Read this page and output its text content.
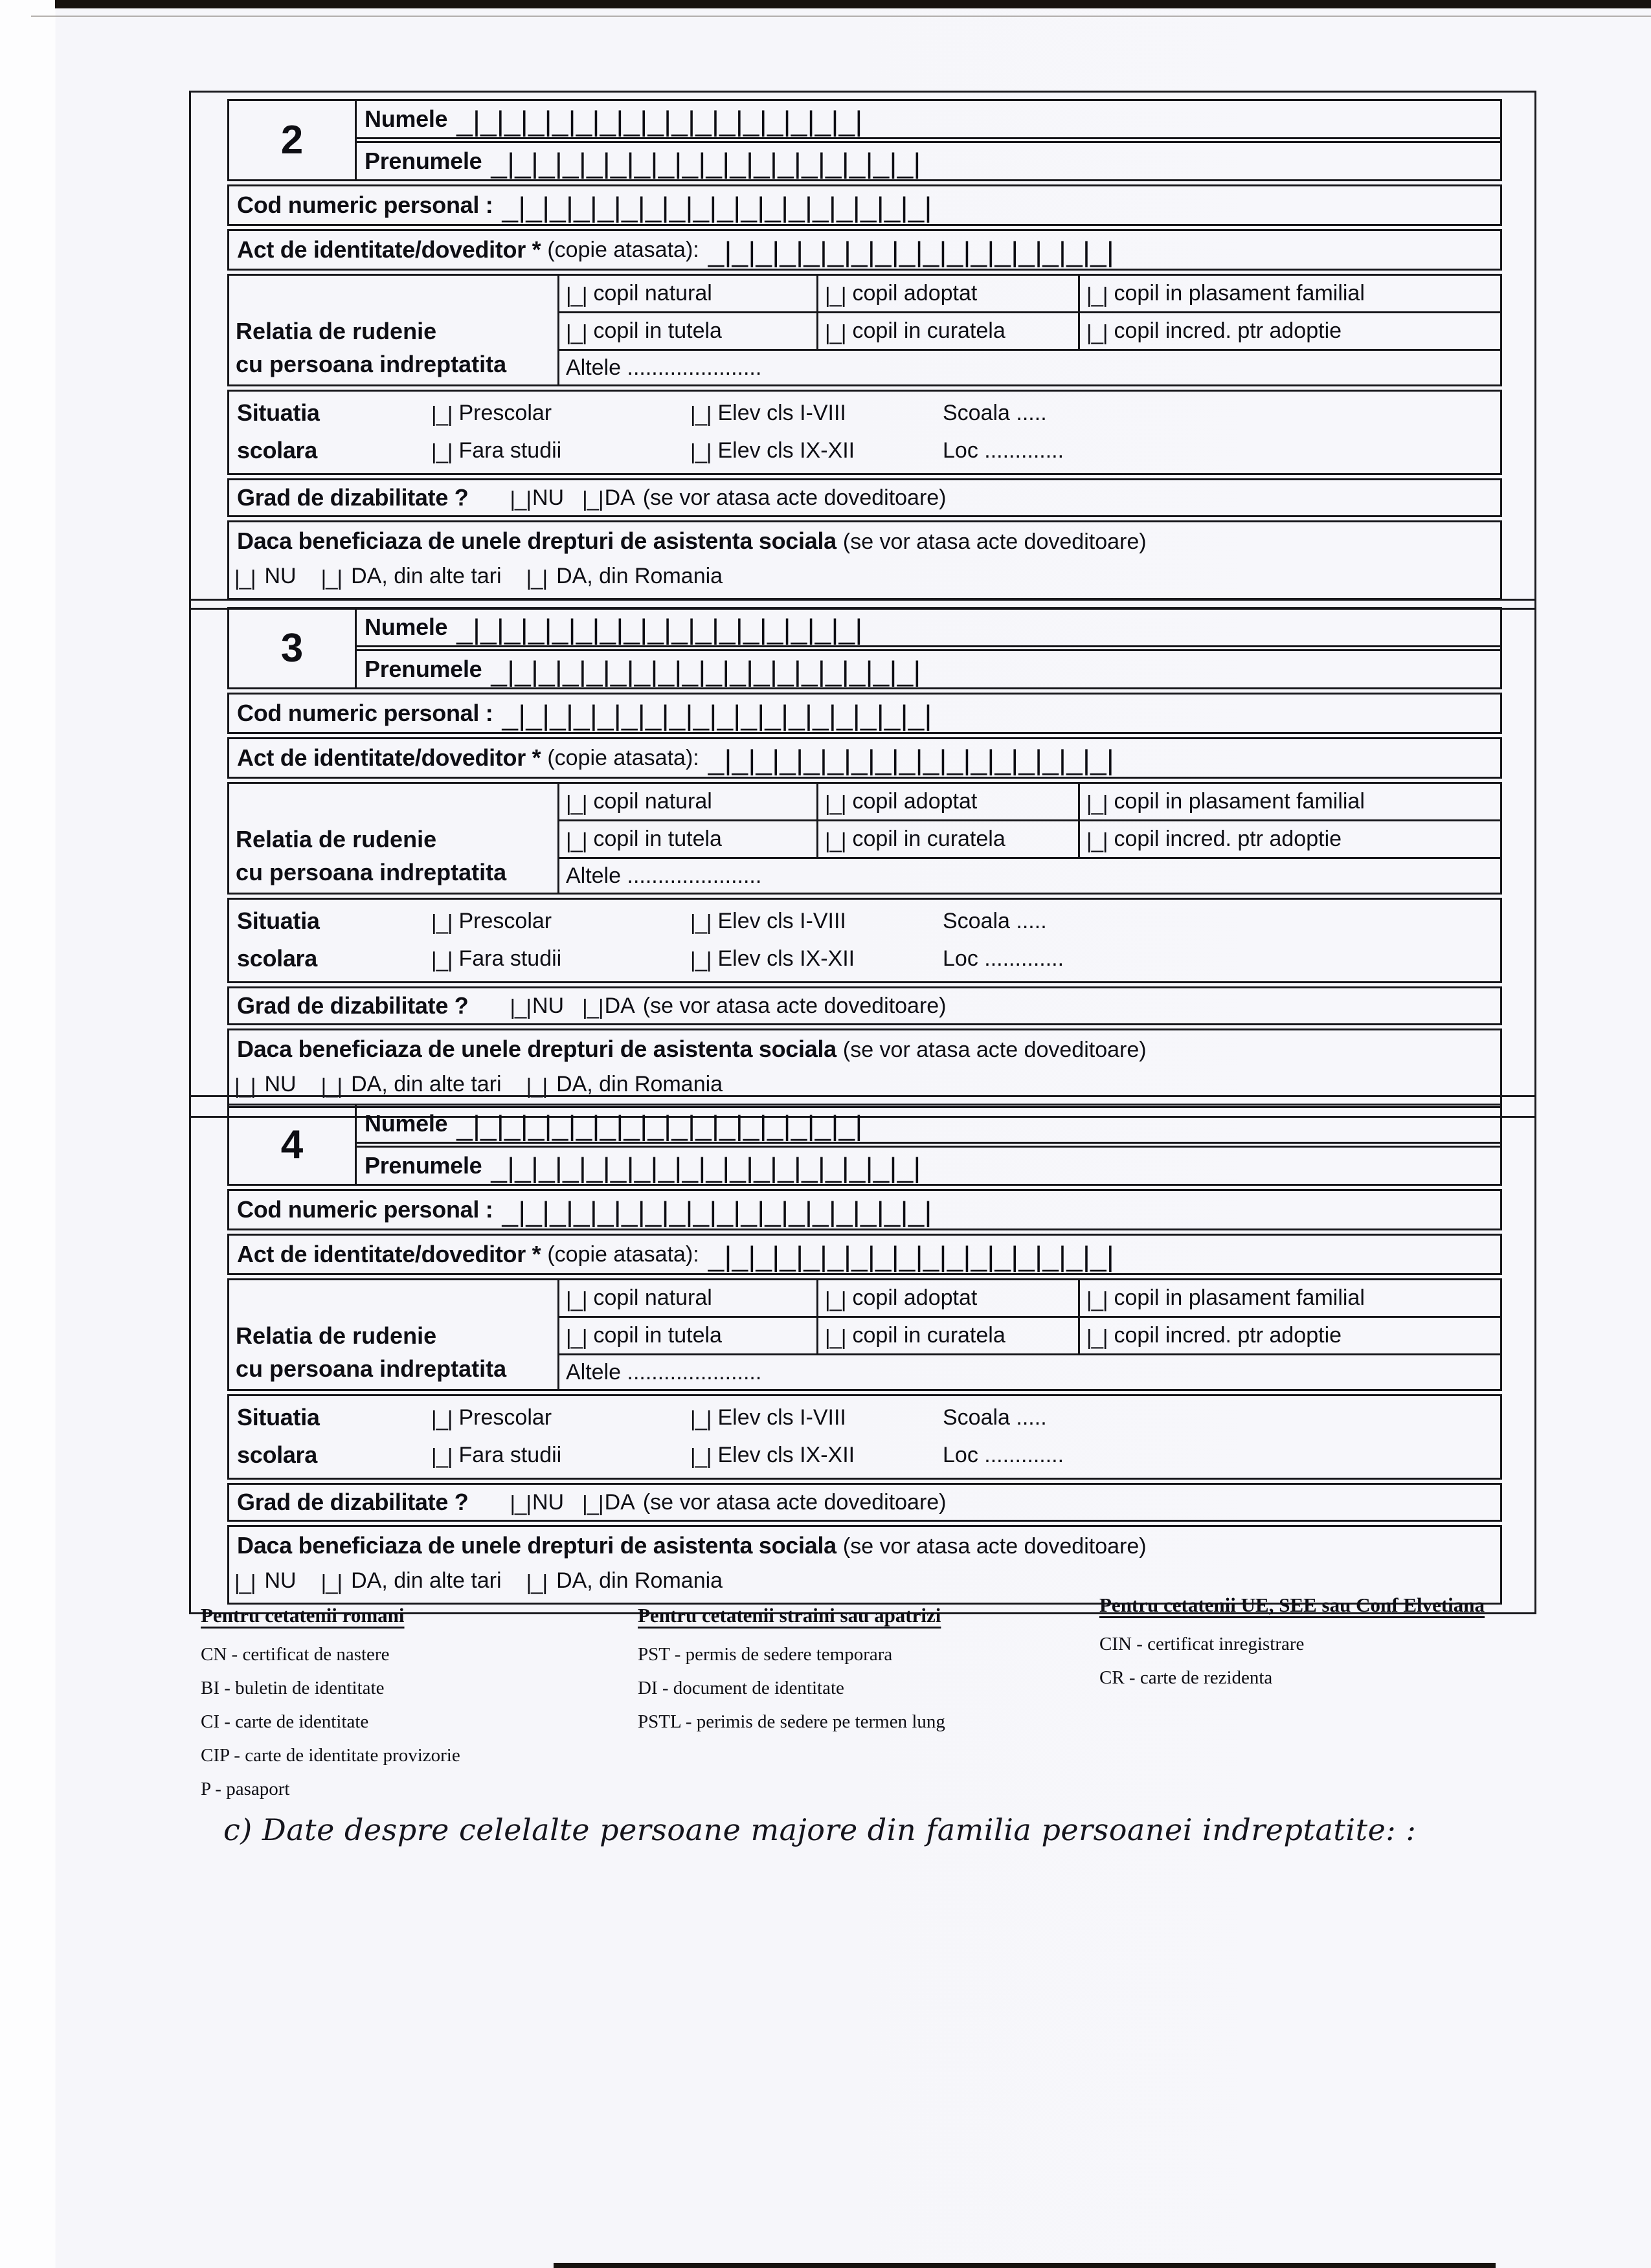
2	Numele _|_|_|_|_|_|_|_|_|_|_|_|_|_|_|_|_|
Prenumele _|_|_|_|_|_|_|_|_|_|_|_|_|_|_|_|_|_|
Cod numeric personal : _|_|_|_|_|_|_|_|_|_|_|_|_|_|_|_|_|_|
Act de identitate/doveditor * (copie atasata): _|_|_|_|_|_|_|_|_|_|_|_|_|_|_|_|_|
Relatia de rudenie
cu persoana indreptatita
|_| copil natural	|_| copil adoptat	|_| copil in plasament familial
|_| copil in tutela	|_| copil in curatela	|_| copil incred. ptr adoptie
Altele ......................
Situatia	|_| Prescolar	|_| Elev cls I-VIII	Scoala .....
scolara	|_| Fara studii	|_| Elev cls IX-XII	Loc .............
Grad de dizabilitate ? |_| NU |_| DA (se vor atasa acte doveditoare)
Daca beneficiaza de unele drepturi de asistenta sociala (se vor atasa acte doveditoare)
|_| NU |_| DA, din alte tari |_| DA, din Romania
3	Numele _|_|_|_|_|_|_|_|_|_|_|_|_|_|_|_|_|
Prenumele _|_|_|_|_|_|_|_|_|_|_|_|_|_|_|_|_|_|
Cod numeric personal : _|_|_|_|_|_|_|_|_|_|_|_|_|_|_|_|_|_|
Act de identitate/doveditor * (copie atasata): _|_|_|_|_|_|_|_|_|_|_|_|_|_|_|_|_|
Relatia de rudenie
cu persoana indreptatita
|_| copil natural	|_| copil adoptat	|_| copil in plasament familial
|_| copil in tutela	|_| copil in curatela	|_| copil incred. ptr adoptie
Altele ......................
Situatia	|_| Prescolar	|_| Elev cls I-VIII	Scoala .....
scolara	|_| Fara studii	|_| Elev cls IX-XII	Loc .............
Grad de dizabilitate ? |_| NU |_| DA (se vor atasa acte doveditoare)
Daca beneficiaza de unele drepturi de asistenta sociala (se vor atasa acte doveditoare)
|_| NU |_| DA, din alte tari |_| DA, din Romania
4	Numele _|_|_|_|_|_|_|_|_|_|_|_|_|_|_|_|_|
Prenumele _|_|_|_|_|_|_|_|_|_|_|_|_|_|_|_|_|_|
Cod numeric personal : _|_|_|_|_|_|_|_|_|_|_|_|_|_|_|_|_|_|
Act de identitate/doveditor * (copie atasata): _|_|_|_|_|_|_|_|_|_|_|_|_|_|_|_|_|
Relatia de rudenie
cu persoana indreptatita
|_| copil natural	|_| copil adoptat	|_| copil in plasament familial
|_| copil in tutela	|_| copil in curatela	|_| copil incred. ptr adoptie
Altele ......................
Situatia	|_| Prescolar	|_| Elev cls I-VIII	Scoala .....
scolara	|_| Fara studii	|_| Elev cls IX-XII	Loc .............
Grad de dizabilitate ? |_| NU |_| DA (se vor atasa acte doveditoare)
Daca beneficiaza de unele drepturi de asistenta sociala (se vor atasa acte doveditoare)
|_| NU |_| DA, din alte tari |_| DA, din Romania
Pentru cetatenii romani
CN - certificat de nastere
BI - buletin de identitate
CI - carte de identitate
CIP - carte de identitate provizorie
P - pasaport
Pentru cetatenii straini sau apatrizi
PST - permis de sedere temporara
DI - document de identitate
PSTL - perimis de sedere pe termen lung
Pentru cetatenii UE, SEE sau Conf Elvetiana
CIN - certificat inregistrare
CR - carte de rezidenta
c) Date despre celelalte persoane majore din familia persoanei indreptatite: :
